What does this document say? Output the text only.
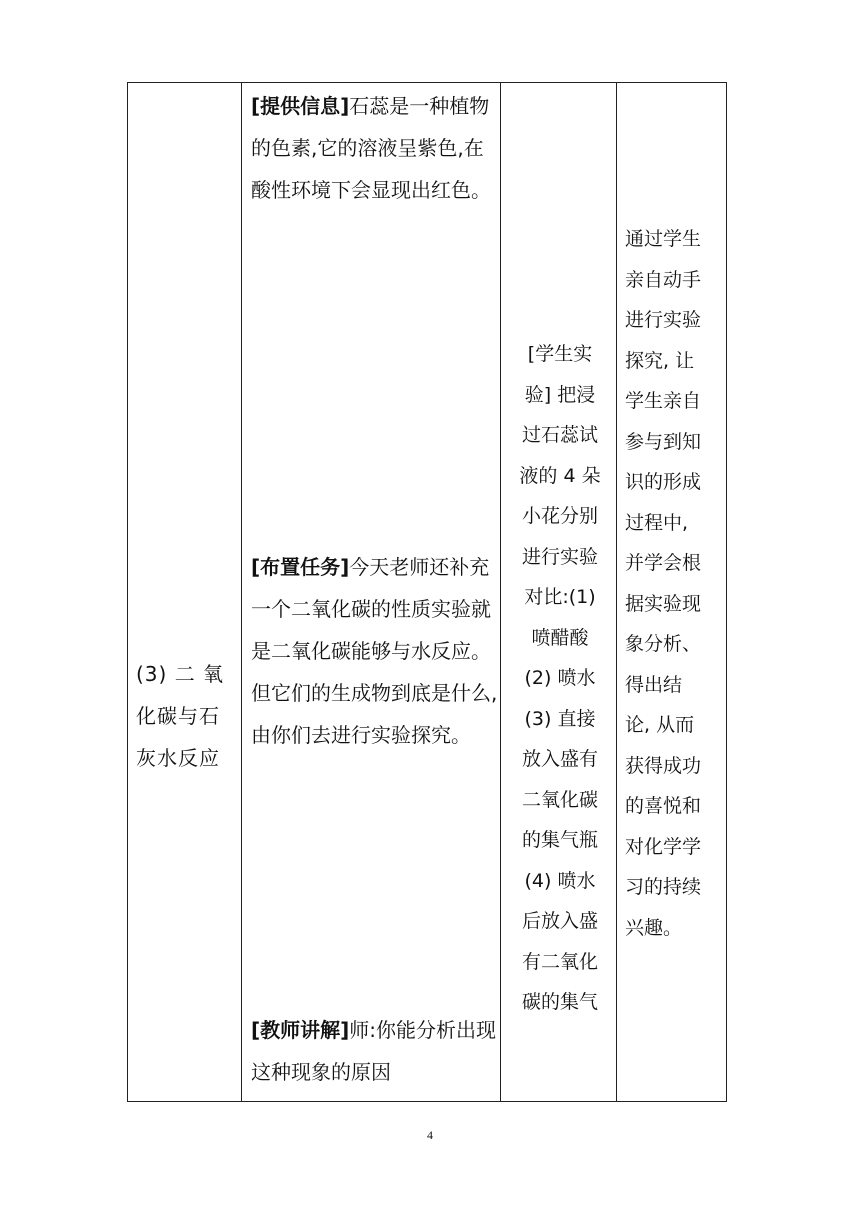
(3) 二 氧化碳与石灰水反应
[提供信息]石蕊是一种植物的色素,它的溶液呈紫色,在酸性环境下会显现出红色。
[布置任务]今天老师还补充一个二氧化碳的性质实验就是二氧化碳能够与水反应。但它们的生成物到底是什么,由你们去进行实验探究。
[教师讲解]师:你能分析出现这种现象的原因

[学生实

验] 把浸

过石蕊试

液的 4 朵

小花分别

进行实验

对比:(1)

喷醋酸

(2) 喷水

(3) 直接

放入盛有

二氧化碳

的集气瓶

(4) 喷水

后放入盛

有二氧化

碳的集气

通过学生

亲自动手

进行实验

探究, 让

学生亲自

参与到知

识的形成

过程中,

并学会根

据实验现

象分析、

得出结

论, 从而

获得成功

的喜悦和

对化学学

习的持续

兴趣。

4
